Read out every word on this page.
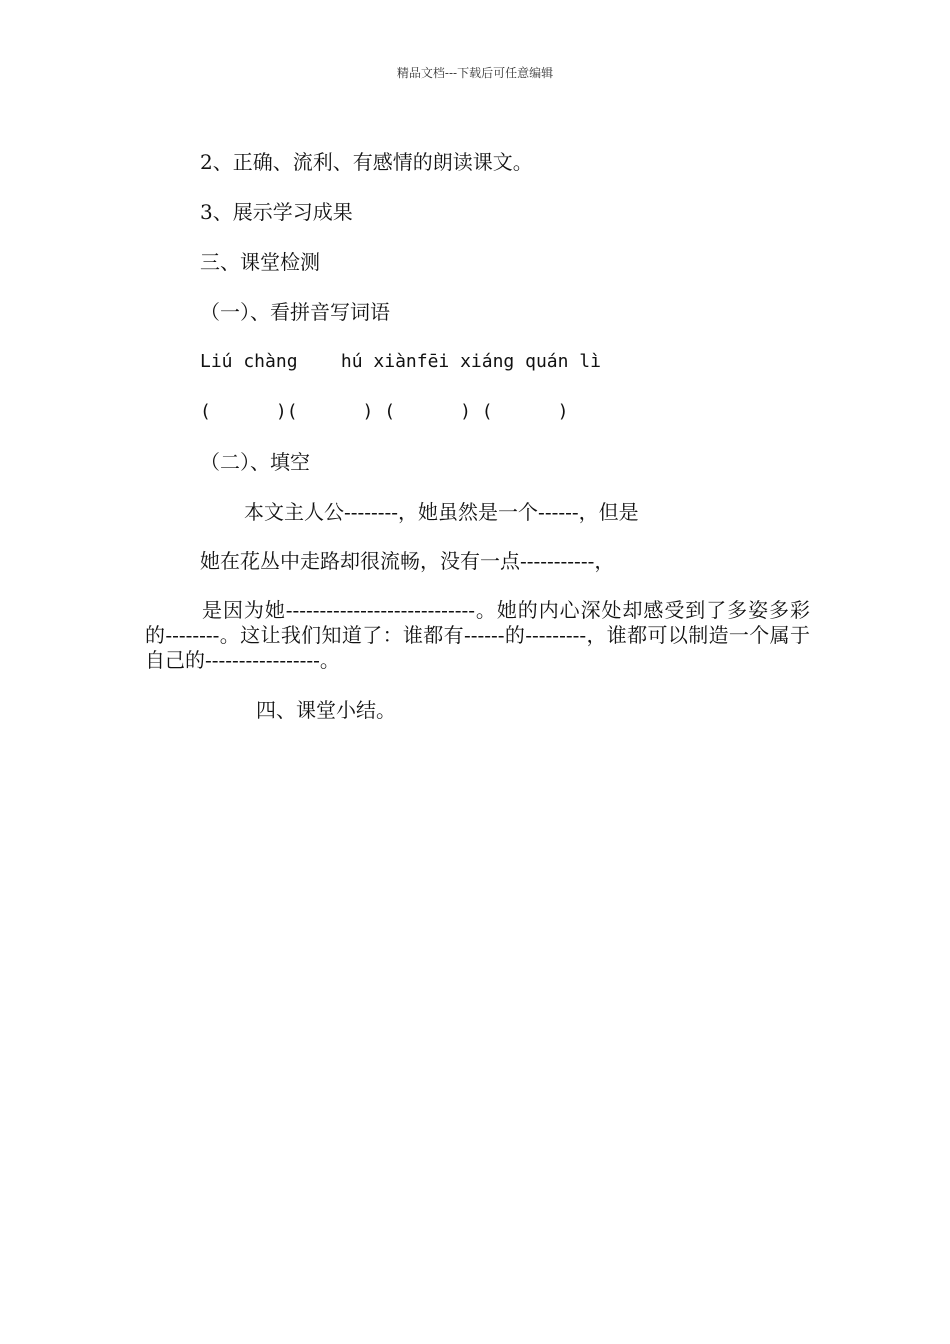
精品文档---下载后可任意编辑
2、正确、流利、有感情的朗读课文。
3、展示学习成果
三、课堂检测
（一）、看拼音写词语
Liú chàng    hú xiànfēi xiáng quán lì
(      )(      ) (      ) (      )
（二）、填空
本文主人公--------，她虽然是一个------，但是
她在花丛中走路却很流畅，没有一点-----------，
是因为她----------------------------。她的内心深处却感受到了多姿多彩的--------。这让我们知道了：谁都有------的---------，谁都可以制造一个属于自己的-----------------。
四、课堂小结。
